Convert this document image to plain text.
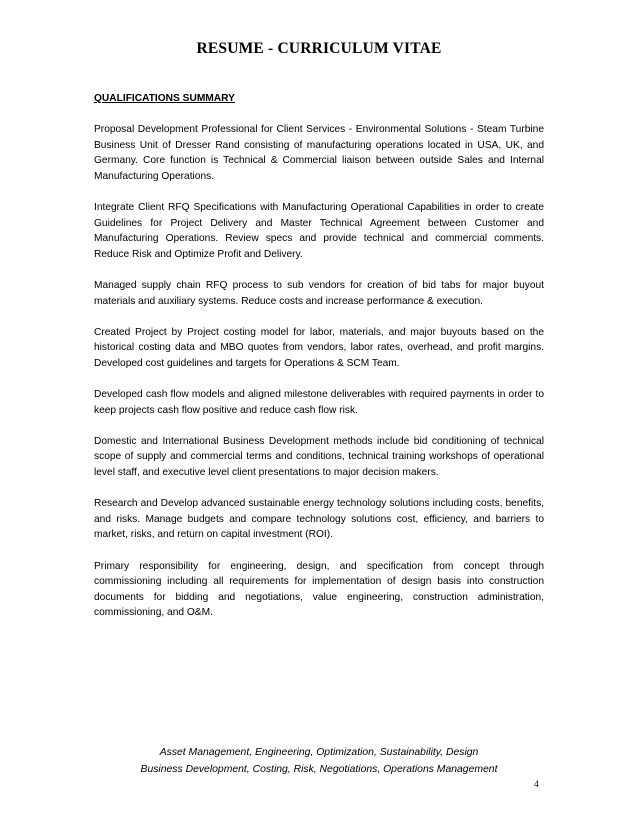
RESUME - CURRICULUM VITAE
QUALIFICATIONS SUMMARY

Proposal Development Professional for Client Services - Environmental Solutions - Steam Turbine Business Unit of Dresser Rand consisting of manufacturing operations located in USA, UK, and Germany. Core function is Technical & Commercial liaison between outside Sales and Internal Manufacturing Operations.

Integrate Client RFQ Specifications with Manufacturing Operational Capabilities in order to create Guidelines for Project Delivery and Master Technical Agreement between Customer and Manufacturing Operations. Review specs and provide technical and commercial comments. Reduce Risk and Optimize Profit and Delivery.

Managed supply chain RFQ process to sub vendors for creation of bid tabs for major buyout materials and auxiliary systems. Reduce costs and increase performance & execution.

Created Project by Project costing model for labor, materials, and major buyouts based on the historical costing data and MBO quotes from vendors, labor rates, overhead, and profit margins. Developed cost guidelines and targets for Operations & SCM Team.

Developed cash flow models and aligned milestone deliverables with required payments in order to keep projects cash flow positive and reduce cash flow risk.

Domestic and International Business Development methods include bid conditioning of technical scope of supply and commercial terms and conditions, technical training workshops of operational level staff, and executive level client presentations to major decision makers.

Research and Develop advanced sustainable energy technology solutions including costs, benefits, and risks. Manage budgets and compare technology solutions cost, efficiency, and barriers to market, risks, and return on capital investment (ROI).

Primary responsibility for engineering, design, and specification from concept through commissioning including all requirements for implementation of design basis into construction documents for bidding and negotiations, value engineering, construction administration, commissioning, and O&M.

Asset Management, Engineering, Optimization, Sustainability, Design
Business Development, Costing, Risk, Negotiations, Operations Management
4
